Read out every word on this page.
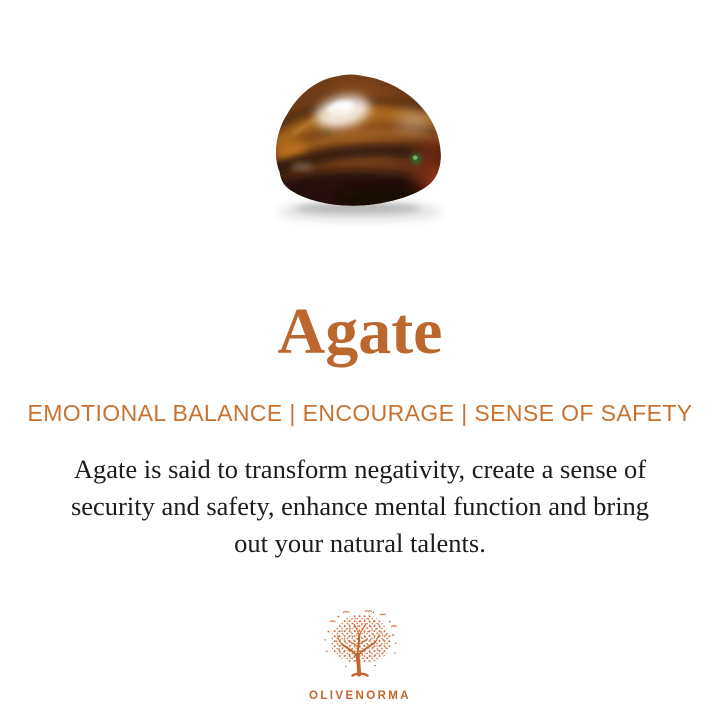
Agate
EMOTIONAL BALANCE | ENCOURAGE | SENSE OF SAFETY
Agate is said to transform negativity, create a sense of
security and safety, enhance mental function and bring
out your natural talents.
OLIVENORMA
